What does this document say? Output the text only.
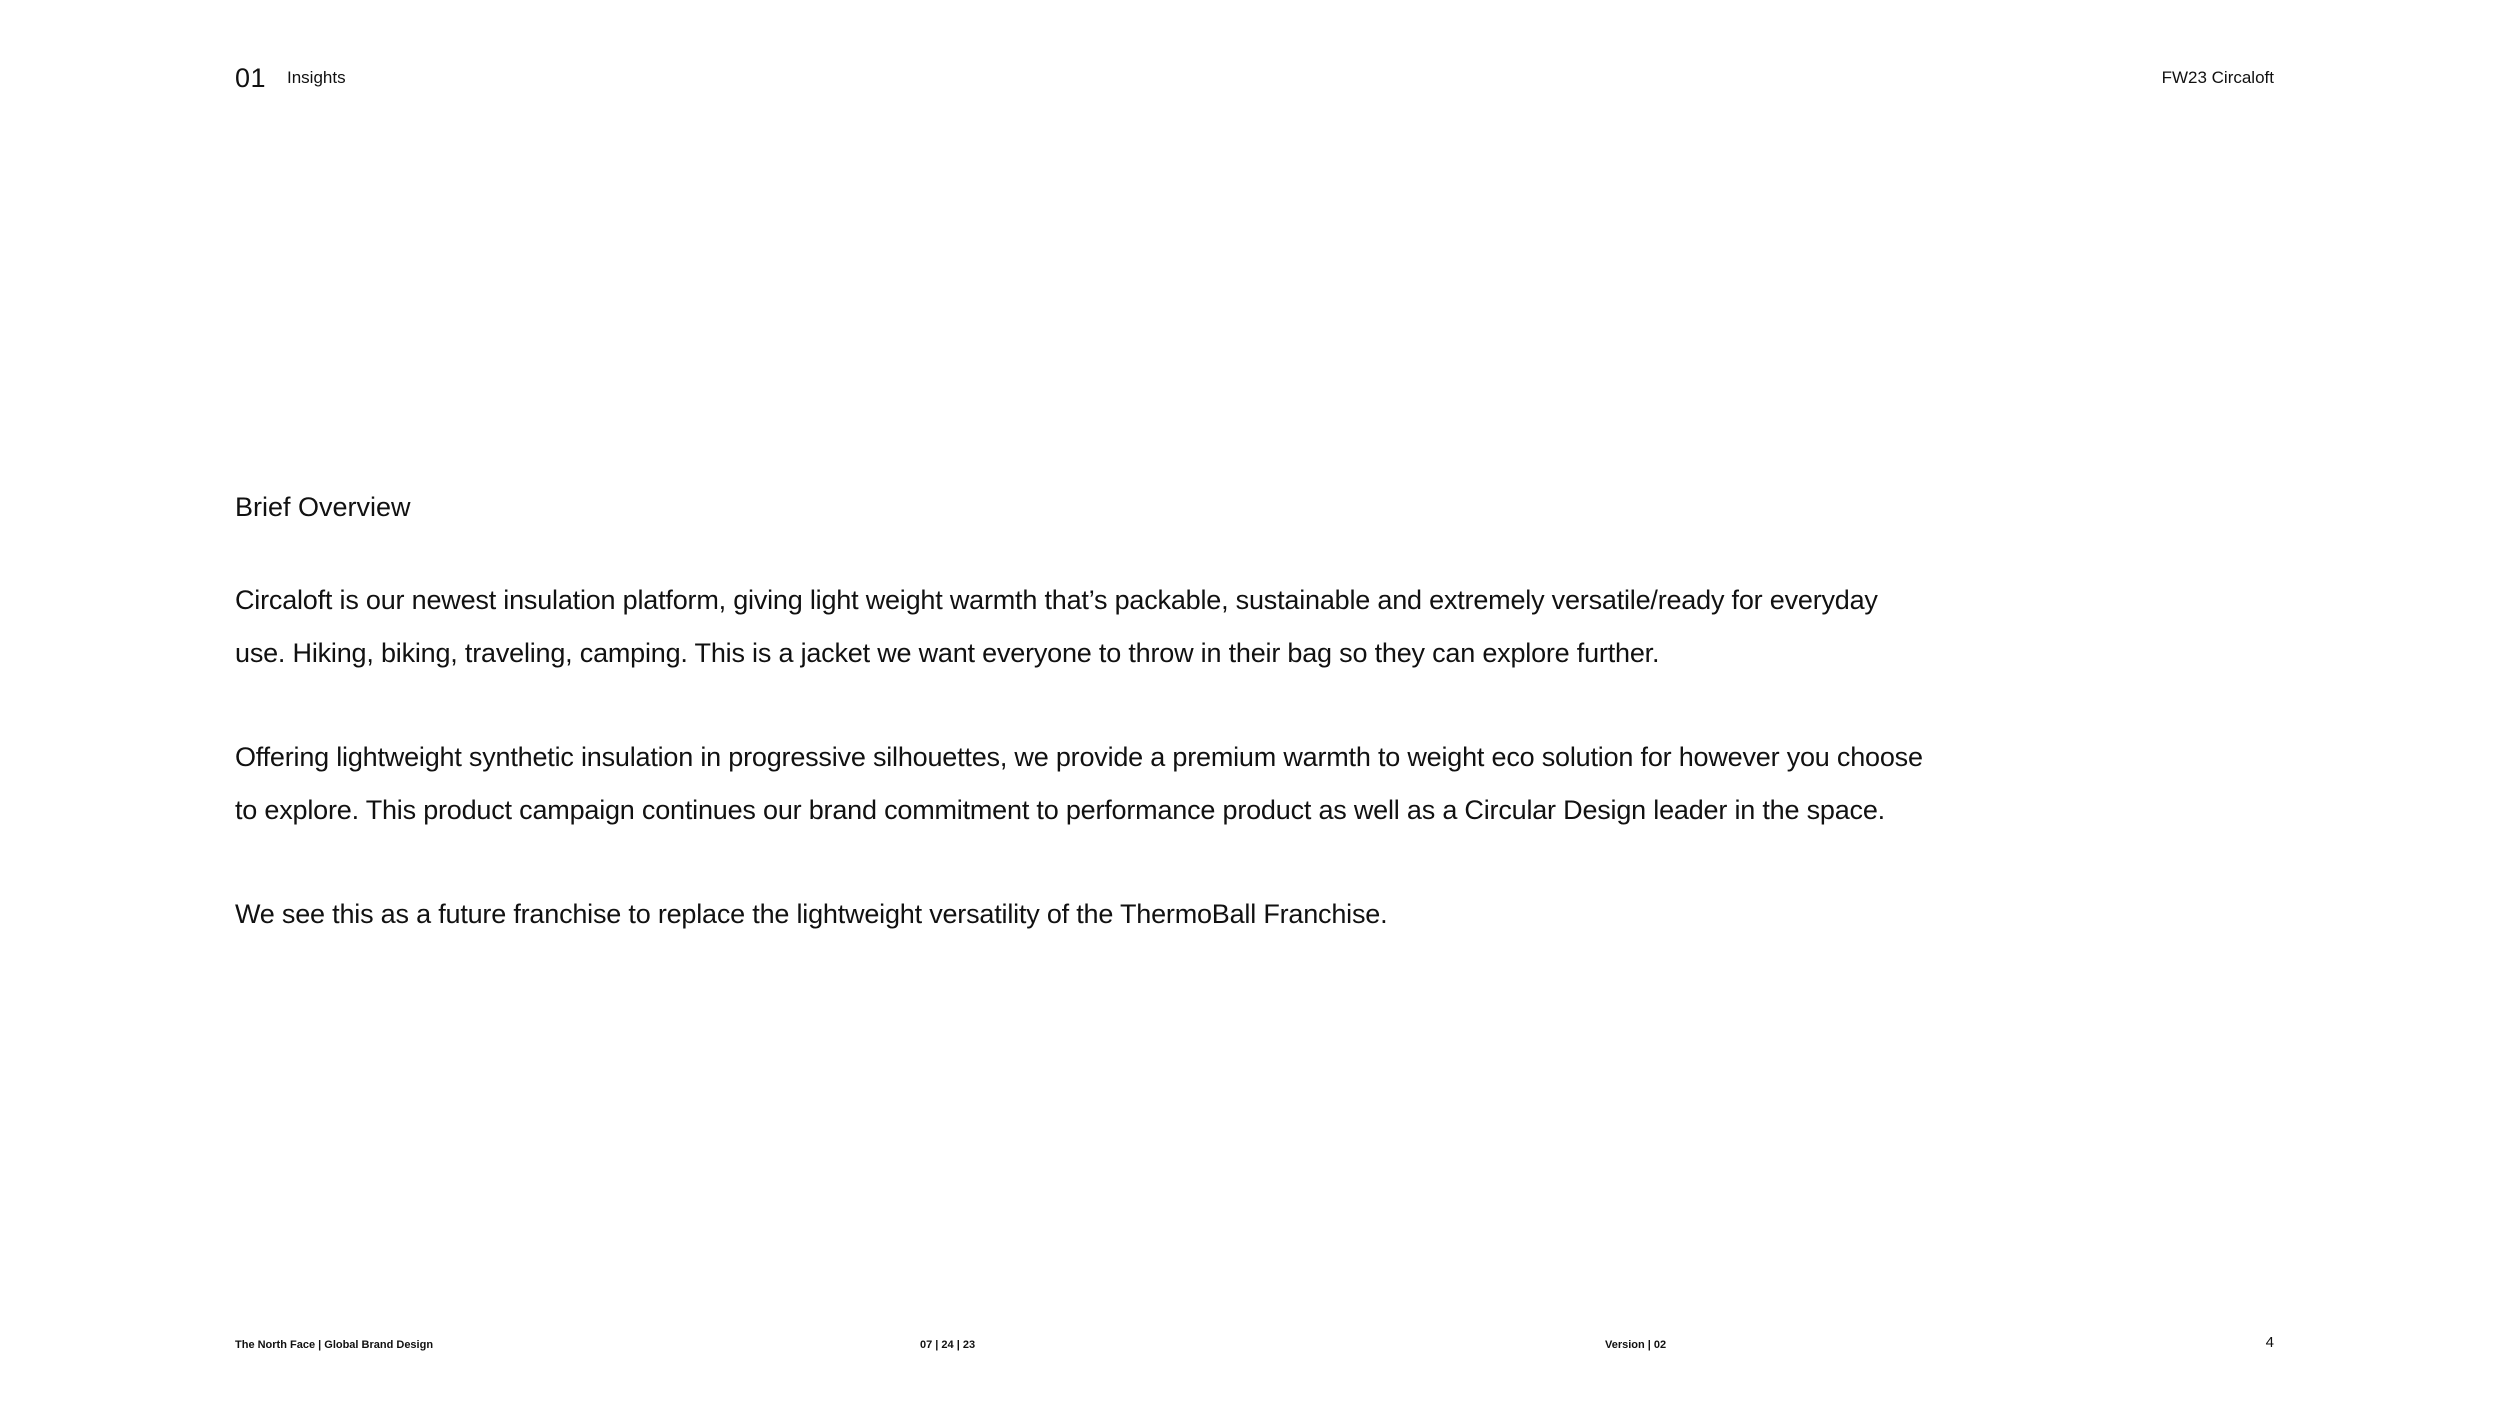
01 Insights	FW23 Circaloft
Brief Overview

Circaloft is our newest insulation platform, giving light weight warmth that’s packable, sustainable and extremely versatile/ready for everyday use. Hiking, biking, traveling, camping. This is a jacket we want everyone to throw in their bag so they can explore further.

Offering lightweight synthetic insulation in progressive silhouettes, we provide a premium warmth to weight eco solution for however you choose to explore. This product campaign continues our brand commitment to performance product as well as a Circular Design leader in the space.

We see this as a future franchise to replace the lightweight versatility of the ThermoBall Franchise.

The North Face | Global Brand Design	07 | 24 | 23	Version | 02	4
